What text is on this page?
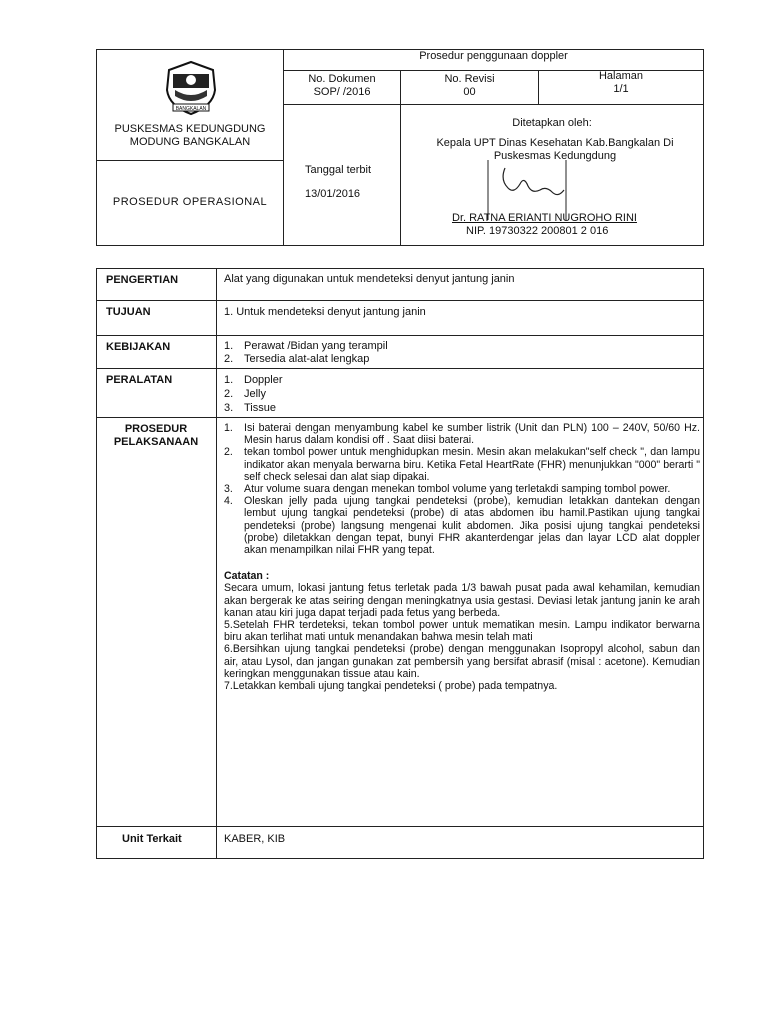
BANGKALAN
PUSKESMAS KEDUNGDUNG MODUNG BANGKALAN
PROSEDUR OPERASIONAL
Prosedur penggunaan doppler
No. Dokumen
SOP/ /2016
No. Revisi
00
Halaman
1/1
Tanggal terbit
13/01/2016
Ditetapkan oleh:
Kepala UPT Dinas Kesehatan Kab.Bangkalan Di Puskesmas Kedungdung
Dr. RATNA ERIANTI NUGROHO RINI
NIP. 19730322 200801 2 016
PENGERTIAN	Alat yang digunakan untuk mendeteksi denyut jantung janin
TUJUAN	1. Untuk mendeteksi denyut jantung janin
KEBIJAKAN	1. Perawat /Bidan yang terampil
2. Tersedia alat-alat lengkap
PERALATAN	1. Doppler
2. Jelly
3. Tissue
PROSEDUR PELAKSANAAN
1.	Isi baterai dengan menyambung kabel ke sumber listrik (Unit dan PLN) 100 – 240V, 50/60 Hz. Mesin harus dalam kondisi off . Saat diisi baterai.
2.	tekan tombol power untuk menghidupkan mesin. Mesin akan melakukan"self check ", dan lampu indikator akan menyala berwarna biru. Ketika Fetal HeartRate (FHR) menunjukkan "000" berarti " self check selesai dan alat siap dipakai.
3.	Atur volume suara dengan menekan tombol volume yang terletakdi samping tombol power.
4.	Oleskan jelly pada ujung tangkai pendeteksi (probe), kemudian letakkan dantekan dengan lembut ujung tangkai pendeteksi (probe) di atas abdomen ibu hamil.Pastikan ujung tangkai pendeteksi (probe) langsung mengenai kulit abdomen. Jika posisi ujung tangkai pendeteksi (probe) diletakkan dengan tepat, bunyi FHR akanterdengar jelas dan layar LCD alat doppler akan menampilkan nilai FHR yang tepat.
Catatan :
Secara umum, lokasi jantung fetus terletak pada 1/3 bawah pusat pada awal kehamilan, kemudian akan bergerak ke atas seiring dengan meningkatnya usia gestasi. Deviasi letak jantung janin ke arah kanan atau kiri juga dapat terjadi pada fetus yang berbeda.
5.Setelah FHR terdeteksi, tekan tombol power untuk mematikan mesin. Lampu indikator berwarna biru akan terlihat mati untuk menandakan bahwa mesin telah mati
6.Bersihkan ujung tangkai pendeteksi (probe) dengan menggunakan Isopropyl alcohol, sabun dan air, atau Lysol, dan jangan gunakan zat pembersih yang bersifat abrasif (misal : acetone). Kemudian keringkan menggunakan tissue atau kain.
7.Letakkan kembali ujung tangkai pendeteksi ( probe) pada tempatnya.
Unit Terkait	KABER, KIB
